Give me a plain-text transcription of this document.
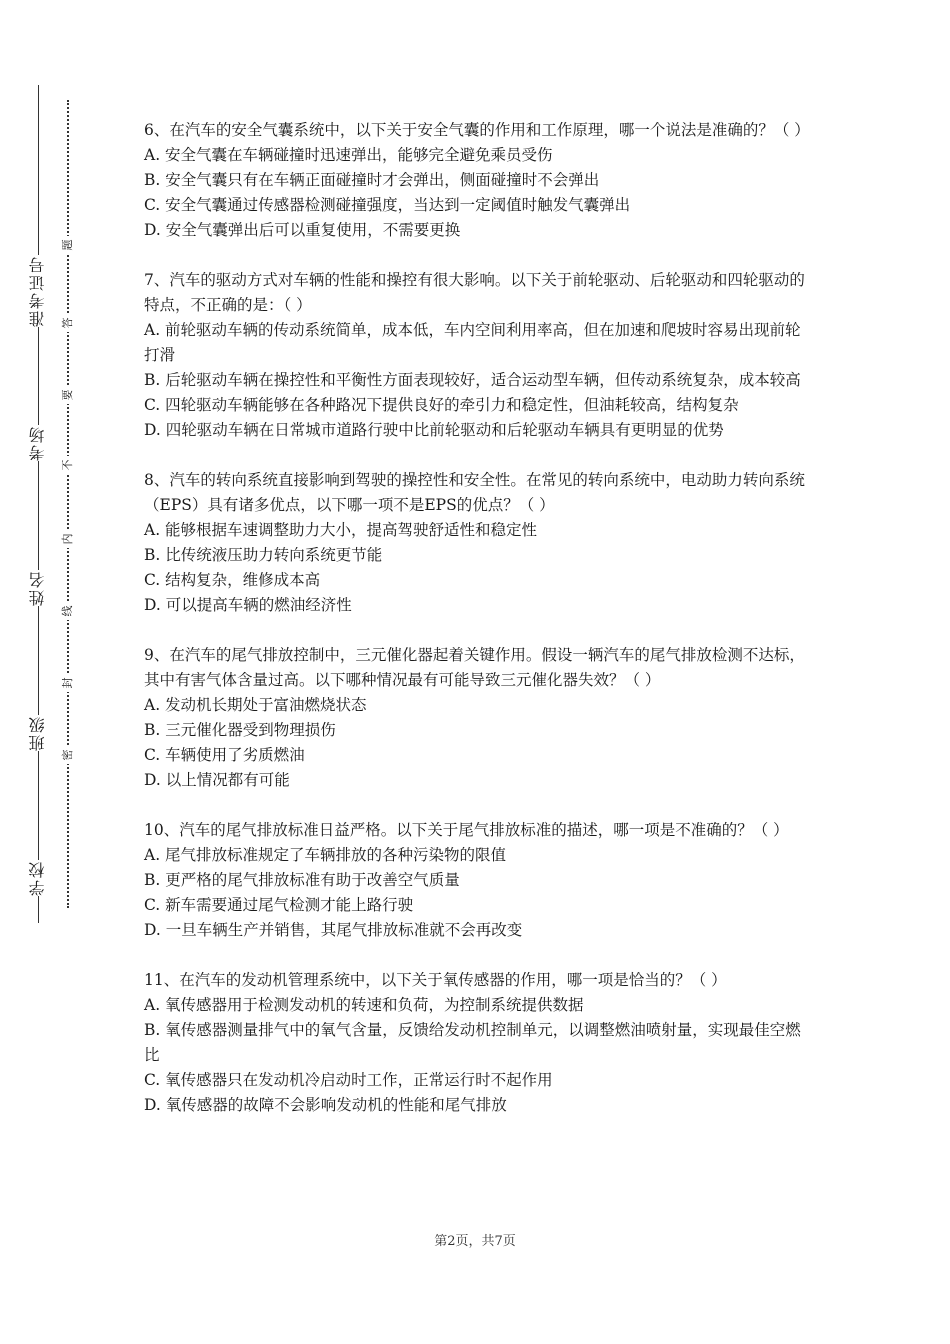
准考证号
考场
姓名
班级
学校
题
答
要
不
内
线
封
密

6、在汽车的安全气囊系统中，以下关于安全气囊的作用和工作原理，哪一个说法是准确的？（ ）

A. 安全气囊在车辆碰撞时迅速弹出，能够完全避免乘员受伤

B. 安全气囊只有在车辆正面碰撞时才会弹出，侧面碰撞时不会弹出

C. 安全气囊通过传感器检测碰撞强度，当达到一定阈值时触发气囊弹出

D. 安全气囊弹出后可以重复使用，不需要更换

7、汽车的驱动方式对车辆的性能和操控有很大影响。以下关于前轮驱动、后轮驱动和四轮驱动的特点，不正确的是：（ ）

A. 前轮驱动车辆的传动系统简单，成本低，车内空间利用率高，但在加速和爬坡时容易出现前轮打滑

B. 后轮驱动车辆在操控性和平衡性方面表现较好，适合运动型车辆，但传动系统复杂，成本较高

C. 四轮驱动车辆能够在各种路况下提供良好的牵引力和稳定性，但油耗较高，结构复杂

D. 四轮驱动车辆在日常城市道路行驶中比前轮驱动和后轮驱动车辆具有更明显的优势

8、汽车的转向系统直接影响到驾驶的操控性和安全性。在常见的转向系统中，电动助力转向系统（EPS）具有诸多优点，以下哪一项不是EPS的优点？（ ）

A. 能够根据车速调整助力大小，提高驾驶舒适性和稳定性

B. 比传统液压助力转向系统更节能

C. 结构复杂，维修成本高

D. 可以提高车辆的燃油经济性

9、在汽车的尾气排放控制中，三元催化器起着关键作用。假设一辆汽车的尾气排放检测不达标，其中有害气体含量过高。以下哪种情况最有可能导致三元催化器失效？（ ）

A. 发动机长期处于富油燃烧状态

B. 三元催化器受到物理损伤

C. 车辆使用了劣质燃油

D. 以上情况都有可能

10、汽车的尾气排放标准日益严格。以下关于尾气排放标准的描述，哪一项是不准确的？（ ）

A. 尾气排放标准规定了车辆排放的各种污染物的限值

B. 更严格的尾气排放标准有助于改善空气质量

C. 新车需要通过尾气检测才能上路行驶

D. 一旦车辆生产并销售，其尾气排放标准就不会再改变

11、在汽车的发动机管理系统中，以下关于氧传感器的作用，哪一项是恰当的？（ ）

A. 氧传感器用于检测发动机的转速和负荷，为控制系统提供数据

B. 氧传感器测量排气中的氧气含量，反馈给发动机控制单元，以调整燃油喷射量，实现最佳空燃比

C. 氧传感器只在发动机冷启动时工作，正常运行时不起作用

D. 氧传感器的故障不会影响发动机的性能和尾气排放

第2页，共7页
